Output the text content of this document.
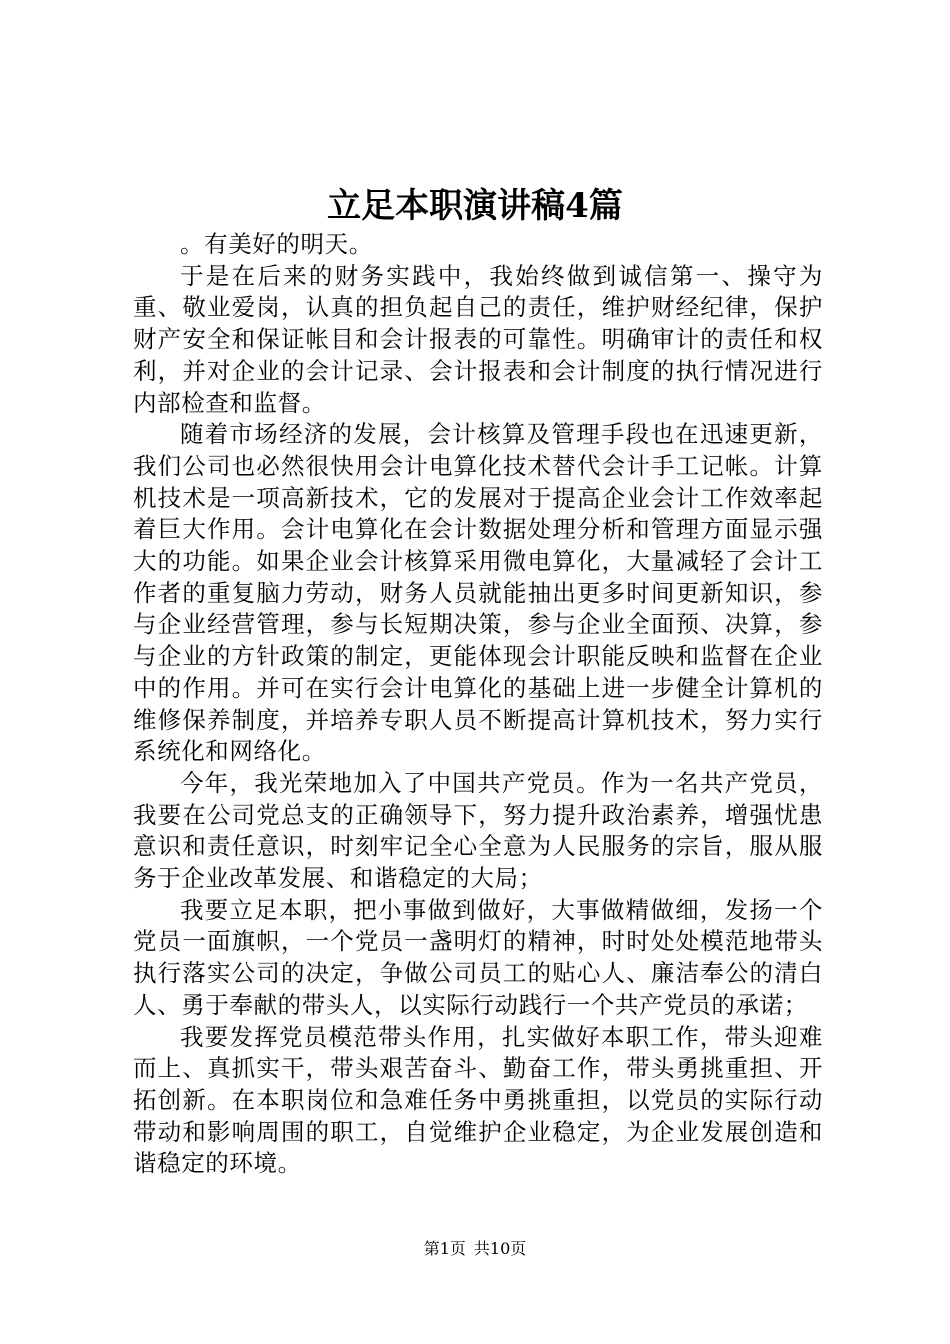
立足本职演讲稿4篇

。有美好的明天。

于是在后来的财务实践中，我始终做到诚信第一、操守为重、敬业爱岗，认真的担负起自己的责任，维护财经纪律，保护财产安全和保证帐目和会计报表的可靠性。明确审计的责任和权利，并对企业的会计记录、会计报表和会计制度的执行情况进行内部检查和监督。

随着市场经济的发展，会计核算及管理手段也在迅速更新，我们公司也必然很快用会计电算化技术替代会计手工记帐。计算机技术是一项高新技术，它的发展对于提高企业会计工作效率起着巨大作用。会计电算化在会计数据处理分析和管理方面显示强大的功能。如果企业会计核算采用微电算化，大量减轻了会计工作者的重复脑力劳动，财务人员就能抽出更多时间更新知识，参与企业经营管理，参与长短期决策，参与企业全面预、决算，参与企业的方针政策的制定，更能体现会计职能反映和监督在企业中的作用。并可在实行会计电算化的基础上进一步健全计算机的维修保养制度，并培养专职人员不断提高计算机技术，努力实行系统化和网络化。

今年，我光荣地加入了中国共产党员。作为一名共产党员，我要在公司党总支的正确领导下，努力提升政治素养，增强忧患意识和责任意识，时刻牢记全心全意为人民服务的宗旨，服从服务于企业改革发展、和谐稳定的大局；

我要立足本职，把小事做到做好，大事做精做细，发扬一个党员一面旗帜，一个党员一盏明灯的精神，时时处处模范地带头执行落实公司的决定，争做公司员工的贴心人、廉洁奉公的清白人、勇于奉献的带头人，以实际行动践行一个共产党员的承诺；

我要发挥党员模范带头作用，扎实做好本职工作，带头迎难而上、真抓实干，带头艰苦奋斗、勤奋工作，带头勇挑重担、开拓创新。在本职岗位和急难任务中勇挑重担，以党员的实际行动带动和影响周围的职工，自觉维护企业稳定，为企业发展创造和谐稳定的环境。

第1页 共10页
